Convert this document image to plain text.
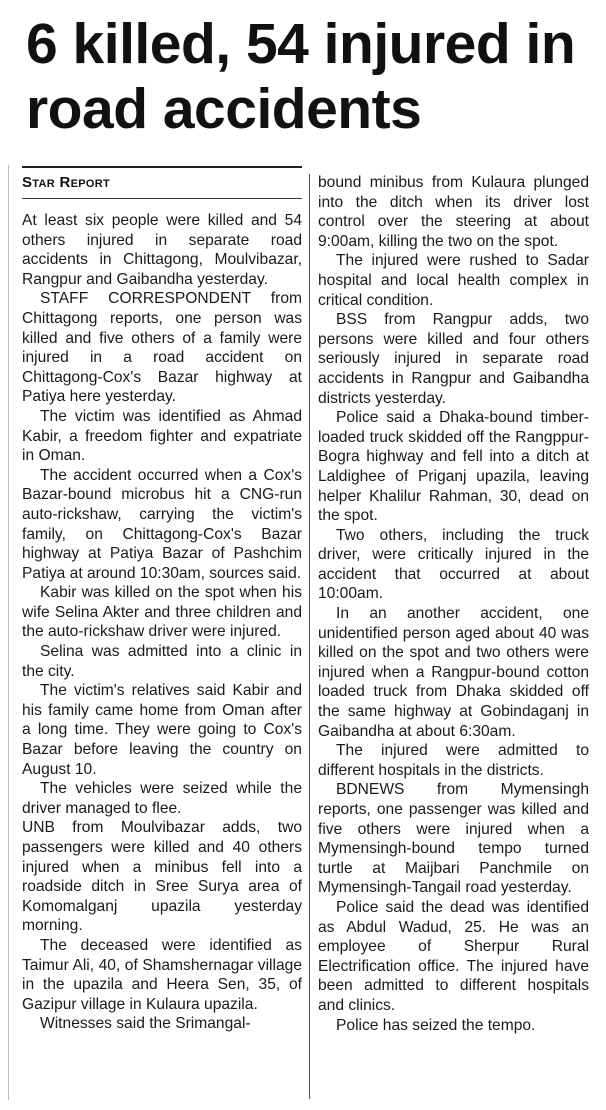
6 killed, 54 injured in road accidents
Star Report

At least six people were killed and 54 others injured in separate road accidents in Chittagong, Moulvibazar, Rangpur and Gaibandha yesterday.

STAFF CORRESPONDENT from Chittagong reports, one person was killed and five others of a family were injured in a road accident on Chittagong-Cox's Bazar highway at Patiya here yesterday.

The victim was identified as Ahmad Kabir, a freedom fighter and expatriate in Oman.

The accident occurred when a Cox's Bazar-bound microbus hit a CNG-run auto-rickshaw, carrying the victim's family, on Chittagong-Cox's Bazar highway at Patiya Bazar of Pashchim Patiya at around 10:30am, sources said.

Kabir was killed on the spot when his wife Selina Akter and three children and the auto-rickshaw driver were injured.

Selina was admitted into a clinic in the city.

The victim's relatives said Kabir and his family came home from Oman after a long time. They were going to Cox's Bazar before leaving the country on August 10.

The vehicles were seized while the driver managed to flee.

UNB from Moulvibazar adds, two passengers were killed and 40 others injured when a minibus fell into a roadside ditch in Sree Surya area of Komomalganj upazila yesterday morning.

The deceased were identified as Taimur Ali, 40, of Shamshernagar village in the upazila and Heera Sen, 35, of Gazipur village in Kulaura upazila.

Witnesses said the Srimangal-

bound minibus from Kulaura plunged into the ditch when its driver lost control over the steering at about 9:00am, killing the two on the spot.

The injured were rushed to Sadar hospital and local health complex in critical condition.

BSS from Rangpur adds, two persons were killed and four others seriously injured in separate road accidents in Rangpur and Gaibandha districts yesterday.

Police said a Dhaka-bound timber-loaded truck skidded off the Rangppur-Bogra highway and fell into a ditch at Laldighee of Priganj upazila, leaving helper Khalilur Rahman, 30, dead on the spot.

Two others, including the truck driver, were critically injured in the accident that occurred at about 10:00am.

In an another accident, one unidentified person aged about 40 was killed on the spot and two others were injured when a Rangpur-bound cotton loaded truck from Dhaka skidded off the same highway at Gobindaganj in Gaibandha at about 6:30am.

The injured were admitted to different hospitals in the districts.

BDNEWS from Mymensingh reports, one passenger was killed and five others were injured when a Mymensingh-bound tempo turned turtle at Maijbari Panchmile on Mymensingh-Tangail road yesterday.

Police said the dead was identified as Abdul Wadud, 25. He was an employee of Sherpur Rural Electrification office. The injured have been admitted to different hospitals and clinics.

Police has seized the tempo.
